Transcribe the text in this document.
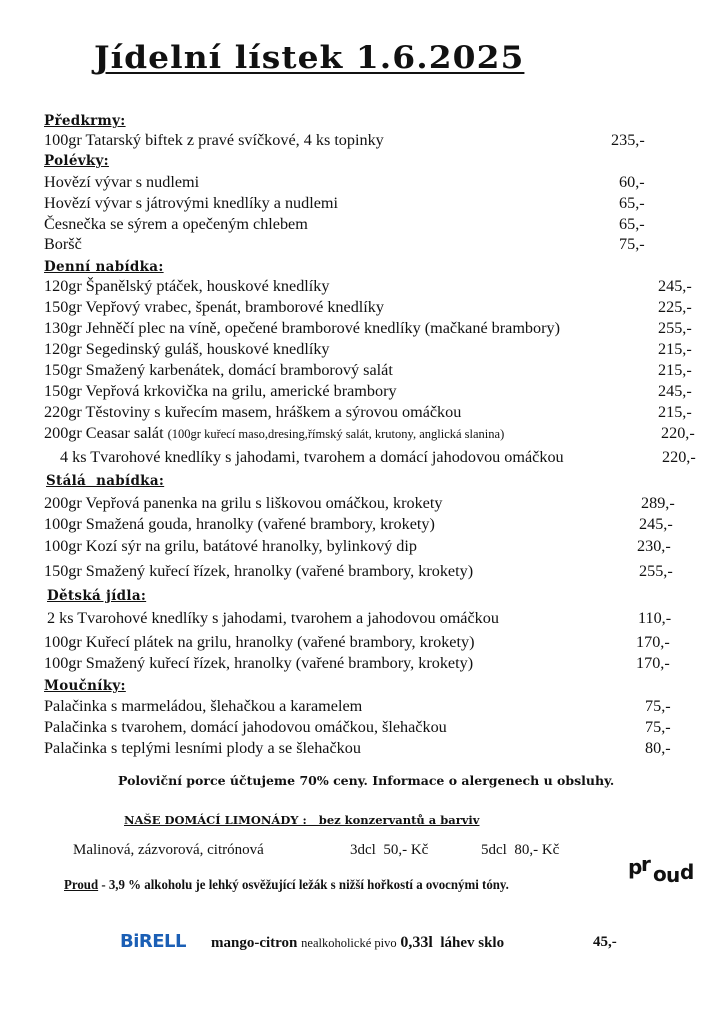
Jídelní lístek 1.6.2025
Předkrmy:
100gr Tatarský biftek z pravé svíčkové, 4 ks topinky	235,-
Polévky:
Hovězí vývar s nudlemi	60,-
Hovězí vývar s játrovými knedlíky a nudlemi	65,-
Česnečka se sýrem a opečeným chlebem	65,-
Boršč	75,-
Denní nabídka:
120gr Španělský ptáček, houskové knedlíky	245,-
150gr Vepřový vrabec, špenát, bramborové knedlíky	225,-
130gr Jehněčí plec na víně, opečené bramborové knedlíky (mačkané brambory)	255,-
120gr Segedinský guláš, houskové knedlíky	215,-
150gr Smažený karbenátek, domácí bramborový salát	215,-
150gr Vepřová krkovička na grilu, americké brambory	245,-
220gr Těstoviny s kuřecím masem, hráškem a sýrovou omáčkou	215,-
200gr Ceasar salát (100gr kuřecí maso,dresing,římský salát, krutony, anglická slanina)	220,-
4 ks Tvarohové knedlíky s jahodami, tvarohem a domácí jahodovou omáčkou	220,-
Stálá  nabídka:
200gr Vepřová panenka na grilu s liškovou omáčkou, krokety	289,-
100gr Smažená gouda, hranolky (vařené brambory, krokety)	245,-
100gr Kozí sýr na grilu, batátové hranolky, bylinkový dip	230,-
150gr Smažený kuřecí řízek, hranolky (vařené brambory, krokety)	255,-
Dětská jídla:
2 ks Tvarohové knedlíky s jahodami, tvarohem a jahodovou omáčkou	110,-
100gr Kuřecí plátek na grilu, hranolky (vařené brambory, krokety)	170,-
100gr Smažený kuřecí řízek, hranolky (vařené brambory, krokety)	170,-
Moučníky:
Palačinka s marmeládou, šlehačkou a karamelem	75,-
Palačinka s tvarohem, domácí jahodovou omáčkou, šlehačkou	75,-
Palačinka s teplými lesními plody a se šlehačkou	80,-
Poloviční porce účtujeme 70% ceny. Informace o alergenech u obsluhy.
NAŠE DOMÁCÍ LIMONÁDY :   bez konzervantů a barviv
Malinová, zázvorová, citrónová	3dcl  50,- Kč	5dcl  80,- Kč
Proud - 3,9 % alkoholu je lehký osvěžující ležák s nižší hořkostí a ovocnými tóny.
d
r o n d
BiRELL mango-citron nealkoholické pivo 0,33l láhev sklo	45,-
